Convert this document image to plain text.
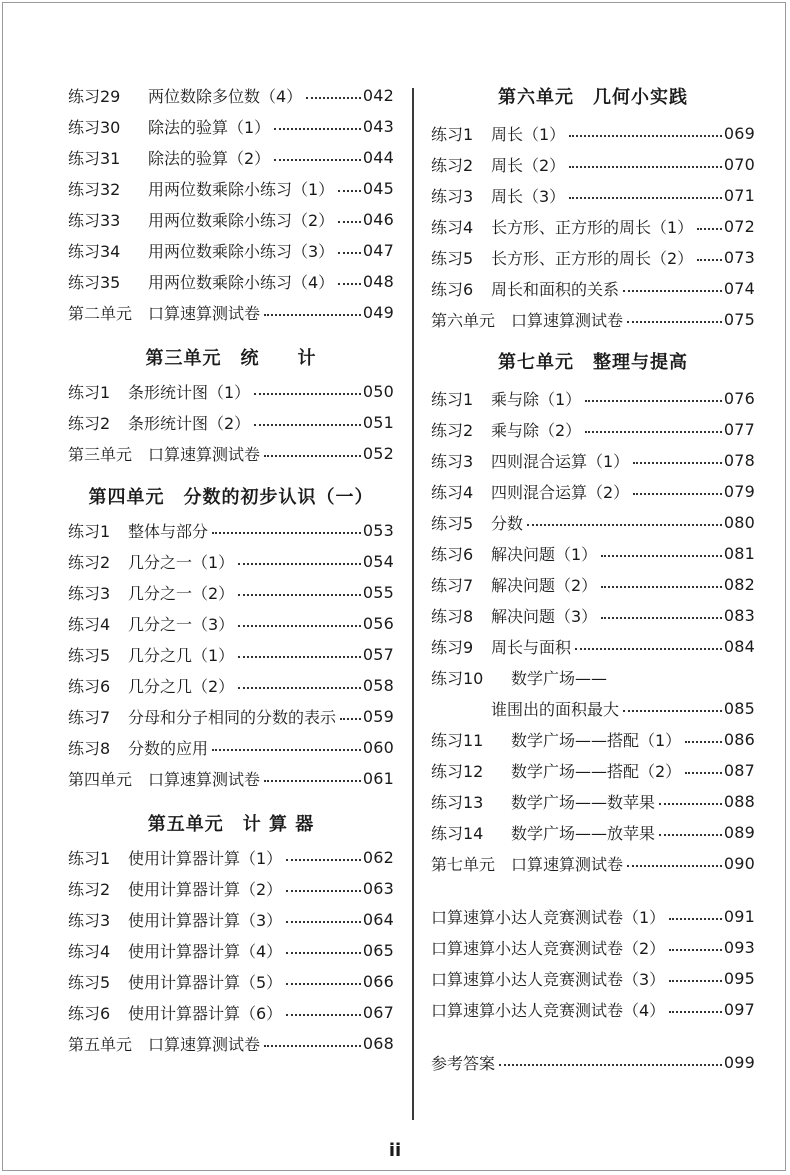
练习29	两位数除多位数（4）	042
练习30	除法的验算（1）	043
练习31	除法的验算（2）	044
练习32	用两位数乘除小练习（1） 045
练习33	用两位数乘除小练习（2） 046
练习34	用两位数乘除小练习（3） 047
练习35	用两位数乘除小练习（4） 048
第二单元 口算速算测试卷	049
第三单元　统　　计
练习1	条形统计图（1）	050
练习2	条形统计图（2）	051
第三单元 口算速算测试卷	052
第四单元　分数的初步认识（一）
练习1	整体与部分	053
练习2	几分之一（1）	054
练习3	几分之一（2）	055
练习4	几分之一（3）	056
练习5	几分之几（1）	057
练习6	几分之几（2）	058
练习7	分母和分子相同的分数的表示 059
练习8	分数的应用	060
第四单元 口算速算测试卷	061
第五单元　计 算 器
练习1	使用计算器计算（1）	062
练习2	使用计算器计算（2）	063
练习3	使用计算器计算（3）	064
练习4	使用计算器计算（4）	065
练习5	使用计算器计算（5）	066
练习6	使用计算器计算（6）	067
第五单元 口算速算测试卷	068
第六单元　几何小实践
练习1	周长（1）	069
练习2	周长（2）	070
练习3	周长（3）	071
练习4	长方形、正方形的周长（1） 072
练习5	长方形、正方形的周长（2） 073
练习6	周长和面积的关系	074
第六单元 口算速算测试卷	075
第七单元　整理与提高
练习1	乘与除（1）	076
练习2	乘与除（2）	077
练习3	四则混合运算（1）	078
练习4	四则混合运算（2）	079
练习5	分数	080
练习6	解决问题（1）	081
练习7	解决问题（2）	082
练习8	解决问题（3）	083
练习9	周长与面积	084
练习10	数学广场——
谁围出的面积最大	085
练习11	数学广场——搭配（1）	086
练习12	数学广场——搭配（2）	087
练习13	数学广场——数苹果	088
练习14	数学广场——放苹果	089
第七单元 口算速算测试卷	090
口算速算小达人竞赛测试卷（1）	091
口算速算小达人竞赛测试卷（2）	093
口算速算小达人竞赛测试卷（3）	095
口算速算小达人竞赛测试卷（4）	097
参考答案	099
ii
